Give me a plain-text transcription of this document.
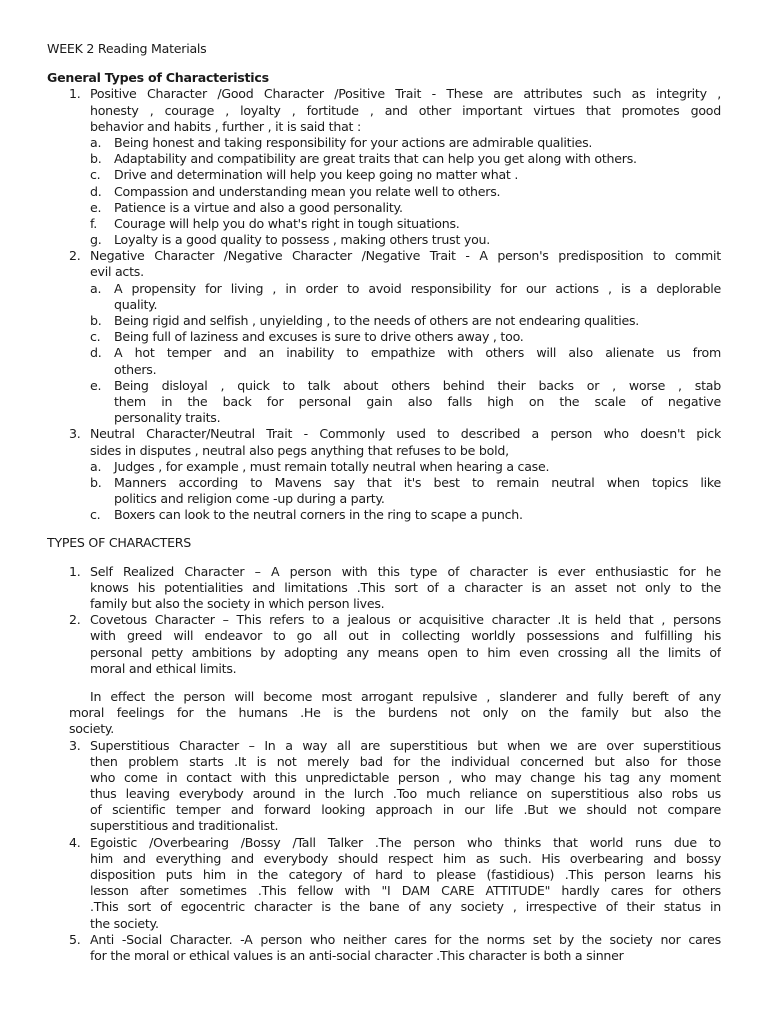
WEEK 2 Reading Materials
General Types of Characteristics
1. Positive Character /Good Character /Positive Trait - These are attributes such as integrity ,
honesty , courage , loyalty , fortitude , and other important virtues that promotes good
behavior and habits , further , it is said that :
a. Being honest and taking responsibility for your actions are admirable qualities.
b. Adaptability and compatibility are great traits that can help you get along with others.
c. Drive and determination will help you keep going no matter what .
d. Compassion and understanding mean you relate well to others.
e. Patience is a virtue and also a good personality.
f. Courage will help you do what's right in tough situations.
g. Loyalty is a good quality to possess , making others trust you.
2. Negative Character /Negative Character /Negative Trait - A person's predisposition to commit
evil acts.
a. A propensity for living , in order to avoid responsibility for our actions , is a deplorable
quality.
b. Being rigid and selfish , unyielding , to the needs of others are not endearing qualities.
c. Being full of laziness and excuses is sure to drive others away , too.
d. A hot temper and an inability to empathize with others will also alienate us from
others.
e. Being disloyal , quick to talk about others behind their backs or , worse , stab
them in the back for personal gain also falls high on the scale of negative
personality traits.
3. Neutral Character/Neutral Trait - Commonly used to described a person who doesn't pick
sides in disputes , neutral also pegs anything that refuses to be bold,
a. Judges , for example , must remain totally neutral when hearing a case.
b. Manners according to Mavens say that it's best to remain neutral when topics like
politics and religion come -up during a party.
c. Boxers can look to the neutral corners in the ring to scape a punch.
TYPES OF CHARACTERS
1. Self Realized Character – A person with this type of character is ever enthusiastic for he
knows his potentialities and limitations .This sort of a character is an asset not only to the
family but also the society in which person lives.
2. Covetous Character – This refers to a jealous or acquisitive character .It is held that , persons
with greed will endeavor to go all out in collecting worldly possessions and fulfilling his
personal petty ambitions by adopting any means open to him even crossing all the limits of
moral and ethical limits.
In effect the person will become most arrogant repulsive , slanderer and fully bereft of any
moral feelings for the humans .He is the burdens not only on the family but also the
society.
3. Superstitious Character – In a way all are superstitious but when we are over superstitious
then problem starts .It is not merely bad for the individual concerned but also for those
who come in contact with this unpredictable person , who may change his tag any moment
thus leaving everybody around in the lurch .Too much reliance on superstitious also robs us
of scientific temper and forward looking approach in our life .But we should not compare
superstitious and traditionalist.
4. Egoistic /Overbearing /Bossy /Tall Talker .The person who thinks that world runs due to
him and everything and everybody should respect him as such. His overbearing and bossy
disposition puts him in the category of hard to please (fastidious) .This person learns his
lesson after sometimes .This fellow with "I DAM CARE ATTITUDE" hardly cares for others
.This sort of egocentric character is the bane of any society , irrespective of their status in
the society.
5. Anti -Social Character. -A person who neither cares for the norms set by the society nor cares
for the moral or ethical values is an anti-social character .This character is both a sinner
